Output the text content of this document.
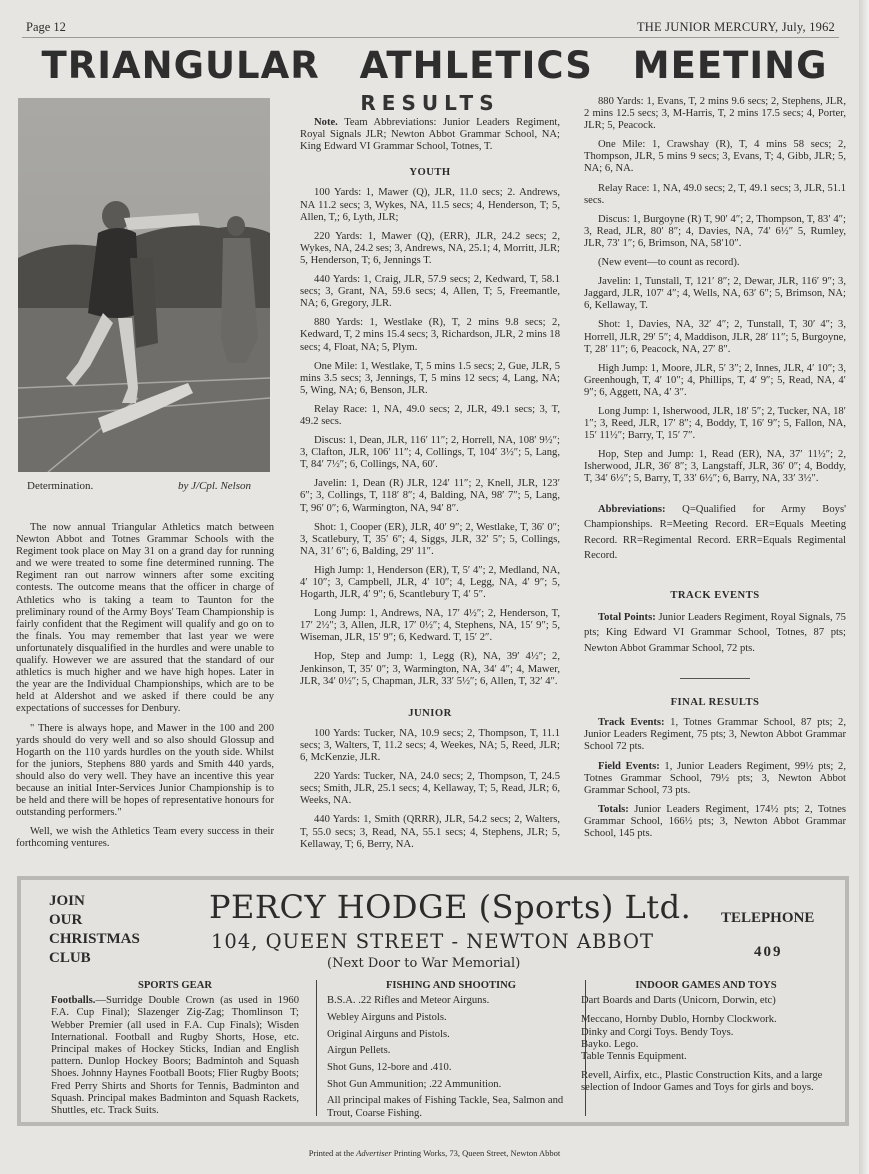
Page 12	THE JUNIOR MERCURY, July, 1962
TRIANGULAR ATHLETICS MEETING
Determination.	by J/Cpl. Nelson

The now annual Triangular Athletics match between Newton Abbot and Totnes Grammar Schools with the Regiment took place on May 31 on a grand day for running and we were treated to some fine determined running. The Regiment ran out narrow winners after some exciting contests. The outcome means that the officer in charge of Athletics who is taking a team to Taunton for the preliminary round of the Army Boys' Team Championship is fairly confident that the Regiment will qualify and go on to the finals. You may remember that last year we were unfortunately disqualified in the hurdles and were unable to qualify. However we are assured that the standard of our athletics is much higher and we have high hopes. Later in the year are the Individual Championships, which are to be held at Aldershot and we asked if there could be any expectations of successes for Denbury.

" There is always hope, and Mawer in the 100 and 200 yards should do very well and so also should Glossup and Hogarth on the 110 yards hurdles on the youth side. Whilst for the juniors, Stephens 880 yards and Smith 440 yards, should also do very well. They have an incentive this year because an initial Inter-Services Junior Championship is to be held and there will be hopes of representative honours for outstanding performers."

Well, we wish the Athletics Team every success in their forthcoming ventures.

RESULTS

Note. Team Abbreviations: Junior Leaders Regiment, Royal Signals JLR; Newton Abbot Grammar School, NA; King Edward VI Grammar School, Totnes, T.

YOUTH

100 Yards: 1, Mawer (Q), JLR, 11.0 secs; 2. Andrews, NA 11.2 secs; 3, Wykes, NA, 11.5 secs; 4, Henderson, T; 5, Allen, T,; 6, Lyth, JLR;

220 Yards: 1, Mawer (Q), (ERR), JLR, 24.2 secs; 2, Wykes, NA, 24.2 ses; 3, Andrews, NA, 25.1; 4, Morritt, JLR; 5, Henderson, T; 6, Jennings T.

440 Yards: 1, Craig, JLR, 57.9 secs; 2, Kedward, T, 58.1 secs; 3, Grant, NA, 59.6 secs; 4, Allen, T; 5, Freemantle, NA; 6, Gregory, JLR.

880 Yards: 1, Westlake (R), T, 2 mins 9.8 secs; 2, Kedward, T, 2 mins 15.4 secs; 3, Richardson, JLR, 2 mins 18 secs; 4, Float, NA; 5, Plym.

One Mile: 1, Westlake, T, 5 mins 1.5 secs; 2, Gue, JLR, 5 mins 3.5 secs; 3, Jennings, T, 5 mins 12 secs; 4, Lang, NA; 5, Wing, NA; 6, Benson, JLR.

Relay Race: 1, NA, 49.0 secs; 2, JLR, 49.1 secs; 3, T, 49.2 secs.

Discus: 1, Dean, JLR, 116′ 11″; 2, Horrell, NA, 108′ 9½″; 3, Clafton, JLR, 106′ 11″; 4, Collings, T, 104′ 3½″; 5, Lang, T, 84′ 7½″; 6, Collings, NA, 60′.

Javelin: 1, Dean (R) JLR, 124′ 11″; 2, Knell, JLR, 123′ 6″; 3, Collings, T, 118′ 8″; 4, Balding, NA, 98′ 7″; 5, Lang, T, 96′ 0″; 6, Warmington, NA, 94′ 8″.

Shot: 1, Cooper (ER), JLR, 40′ 9″; 2, Westlake, T, 36′ 0″; 3, Scatlebury, T, 35′ 6″; 4, Siggs, JLR, 32′ 5″; 5, Collings, NA, 31′ 6″; 6, Balding, 29′ 11″.

High Jump: 1, Henderson (ER), T, 5′ 4″; 2, Medland, NA, 4′ 10″; 3, Campbell, JLR, 4′ 10″; 4, Legg, NA, 4′ 9″; 5, Hogarth, JLR, 4′ 9″; 6, Scantlebury T, 4′ 5″.

Long Jump: 1, Andrews, NA, 17′ 4½″; 2, Henderson, T, 17′ 2½″; 3, Allen, JLR, 17′ 0½″; 4, Stephens, NA, 15′ 9″; 5, Wiseman, JLR, 15′ 9″; 6, Kedward. T, 15′ 2″.

Hop, Step and Jump: 1, Legg (R), NA, 39′ 4½″; 2, Jenkinson, T, 35′ 0″; 3, Warmington, NA, 34′ 4″; 4, Mawer, JLR, 34′ 0½″; 5, Chapman, JLR, 33′ 5½″; 6, Allen, T, 32′ 4″.

JUNIOR

100 Yards: Tucker, NA, 10.9 secs; 2, Thompson, T, 11.1 secs; 3, Walters, T, 11.2 secs; 4, Weekes, NA; 5, Reed, JLR; 6, McKenzie, JLR.

220 Yards: Tucker, NA, 24.0 secs; 2, Thompson, T, 24.5 secs; Smith, JLR, 25.1 secs; 4, Kellaway, T; 5, Read, JLR; 6, Weeks, NA.

440 Yards: 1, Smith (QRRR), JLR, 54.2 secs; 2, Walters, T, 55.0 secs; 3, Read, NA, 55.1 secs; 4, Stephens, JLR; 5, Kellaway, T; 6, Berry, NA.

880 Yards: 1, Evans, T, 2 mins 9.6 secs; 2, Stephens, JLR, 2 mins 12.5 secs; 3, M-Harris, T, 2 mins 17.5 secs; 4, Porter, JLR; 5, Peacock.

One Mile: 1, Crawshay (R), T, 4 mins 58 secs; 2, Thompson, JLR, 5 mins 9 secs; 3, Evans, T; 4, Gibb, JLR; 5, NA; 6, NA.

Relay Race: 1, NA, 49.0 secs; 2, T, 49.1 secs; 3, JLR, 51.1 secs.

Discus: 1, Burgoyne (R) T, 90′ 4″; 2, Thompson, T, 83′ 4″; 3, Read, JLR, 80′ 8″; 4, Davies, NA, 74′ 6½″ 5, Rumley, JLR, 73′ 1″; 6, Brimson, NA, 58′10″.

(New event—to count as record).

Javelin: 1, Tunstall, T, 121′ 8″; 2, Dewar, JLR, 116′ 9″; 3, Jaggard, JLR, 107′ 4″; 4, Wells, NA, 63′ 6″; 5, Brimson, NA; 6, Kellaway, T.

Shot: 1, Davies, NA, 32′ 4″; 2, Tunstall, T, 30′ 4″; 3, Horrell, JLR, 29′ 5″; 4, Maddison, JLR, 28′ 11″; 5, Burgoyne, T, 28′ 11″; 6, Peacock, NA, 27′ 8″.

High Jump: 1, Moore, JLR, 5′ 3″; 2, Innes, JLR, 4′ 10″; 3, Greenhough, T, 4′ 10″; 4, Phillips, T, 4′ 9″; 5, Read, NA, 4′ 9″; 6, Aggett, NA, 4′ 3″.

Long Jump: 1, Isherwood, JLR, 18′ 5″; 2, Tucker, NA, 18′ 1″; 3, Reed, JLR, 17′ 8″; 4, Boddy, T, 16′ 9″; 5, Fallon, NA, 15′ 11½″; Barry, T, 15′ 7″.

Hop, Step and Jump: 1, Read (ER), NA, 37′ 11½″; 2, Isherwood, JLR, 36′ 8″; 3, Langstaff, JLR, 36′ 0″; 4, Boddy, T, 34′ 6½″; 5, Barry, T, 33′ 6½″; 6, Barry, NA, 33′ 3½″.

Abbreviations: Q=Qualified for Army Boys' Championships. R=Meeting Record. ER=Equals Meeting Record. RR=Regimental Record. ERR=Equals Regimental Record.

TRACK EVENTS

Total Points: Junior Leaders Regiment, Royal Signals, 75 pts; King Edward VI Grammar School, Totnes, 87 pts; Newton Abbot Grammar School, 72 pts.

FINAL RESULTS

Track Events: 1, Totnes Grammar School, 87 pts; 2, Junior Leaders Regiment, 75 pts; 3, Newton Abbot Grammar School 72 pts.

Field Events: 1, Junior Leaders Regiment, 99½ pts; 2, Totnes Grammar School, 79½ pts; 3, Newton Abbot Grammar School, 73 pts.

Totals: Junior Leaders Regiment, 174½ pts; 2, Totnes Grammar School, 166½ pts; 3, Newton Abbot Grammar School, 145 pts.

JOIN
OUR
CHRISTMAS
CLUB
PERCY HODGE (Sports) Ltd.
104, QUEEN STREET - NEWTON ABBOT
(Next Door to War Memorial)
TELEPHONE
409
SPORTS GEAR
Footballs.—Surridge Double Crown (as used in 1960 F.A. Cup Final); Slazenger Zig-Zag; Thomlinson T; Webber Premier (all used in F.A. Cup Finals); Wisden International. Football and Rugby Shorts, Hose, etc. Principal makes of Hockey Sticks, Indian and English pattern. Dunlop Hockey Boors; Badmintoh and Squash Shoes. Johnny Haynes Football Boots; Flier Rugby Boots; Fred Perry Shirts and Shorts for Tennis, Badminton and Squash. Principal makes Badminton and Squash Rackets, Shuttles, etc. Track Suits.
FISHING AND SHOOTING
B.S.A. .22 Rifles and Meteor Airguns.
Webley Airguns and Pistols.
Original Airguns and Pistols.
Airgun Pellets.
Shot Guns, 12-bore and .410.
Shot Gun Ammunition; .22 Ammunition.
All principal makes of Fishing Tackle, Sea, Salmon and Trout, Coarse Fishing.
INDOOR GAMES AND TOYS
Dart Boards and Darts (Unicorn, Dorwin, etc)
Meccano, Hornby Dublo, Hornby Clockwork.
Dinky and Corgi Toys. Bendy Toys.
Bayko. Lego.
Table Tennis Equipment.
Revell, Airfix, etc., Plastic Construction Kits, and a large selection of Indoor Games and Toys for girls and boys.
Printed at the Advertiser Printing Works, 73, Queen Street, Newton Abbot
